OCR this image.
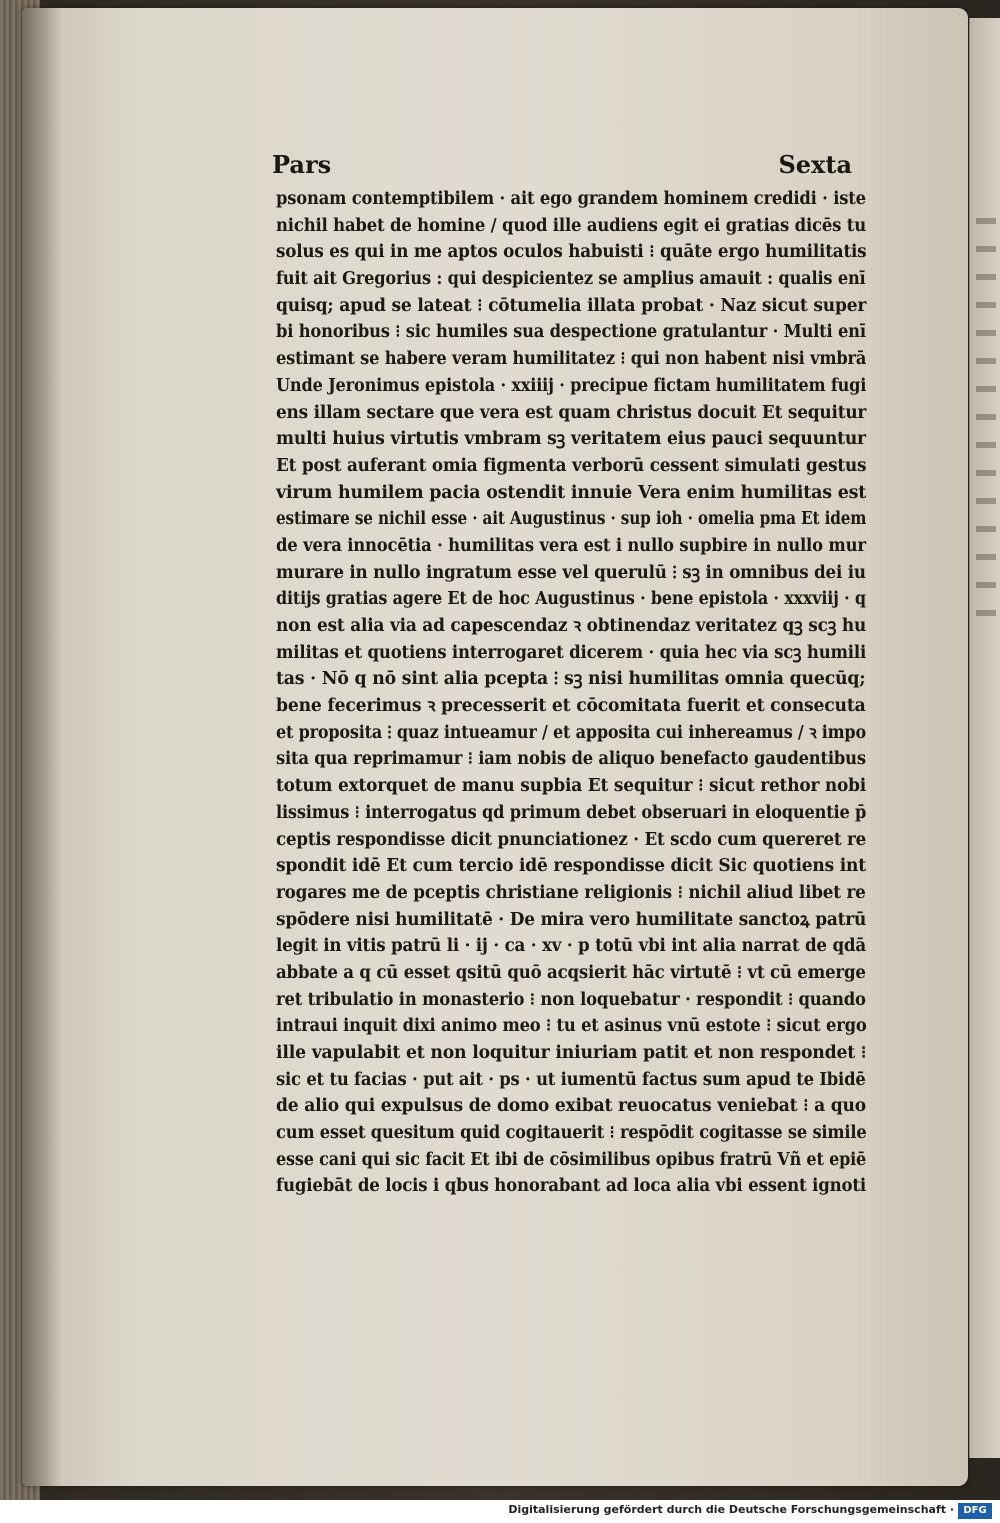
Pars	Sexta
psonam contemptibilem · ait ego grandem hominem credidi · iste
nichil habet de homine / quod ille audiens egit ei gratias dicēs tu
solus es qui in me aptos oculos habuisti ⁝ quāte ergo humilitatis
fuit ait Gregorius : qui despicientez se amplius amauit : qualis enī
quisq; apud se lateat ⁝ cōtumelia illata probat · Naz sicut super
bi honoribus ⁝ sic humiles sua despectione gratulantur · Multi enī
estimant se habere veram humilitatez ⁝ qui non habent nisi vmbrā
Unde Jeronimus epistola · xxiiij · precipue fictam humilitatem fugi
ens illam sectare que vera est quam christus docuit Et sequitur
multi huius virtutis vmbram sꝫ veritatem eius pauci sequuntur
Et post auferant omia figmenta verborū cessent simulati gestus
virum humilem pacia ostendit innuie Vera enim humilitas est
estimare se nichil esse · ait Augustinus · sup ioh · omelia pma Et idem
de vera innocētia · humilitas vera est i nullo supbire in nullo mur
murare in nullo ingratum esse vel querulū ⁝ sꝫ in omnibus dei iu
ditijs gratias agere Et de hoc Augustinus · bene epistola · xxxviij · q
non est alia via ad capescendaz ꝛ obtinendaz veritatez qꝫ scꝫ hu
militas et quotiens interrogaret dicerem · quia hec via scꝫ humili
tas · Nō q nō sint alia pcepta ⁝ sꝫ nisi humilitas omnia quecūq;
bene fecerimus ꝛ precesserit et cōcomitata fuerit et consecuta
et proposita ⁝ quaz intueamur / et apposita cui inhereamus / ꝛ impo
sita qua reprimamur ⁝ iam nobis de aliquo benefacto gaudentibus
totum extorquet de manu supbia Et sequitur ⁝ sicut rethor nobi
lissimus ⁝ interrogatus qd primum debet obseruari in eloquentie p̄
ceptis respondisse dicit pnunciationez · Et scdo cum quereret re
spondit idē Et cum tercio idē respondisse dicit Sic quotiens int
rogares me de pceptis christiane religionis ⁝ nichil aliud libet re
spōdere nisi humilitatē · De mira vero humilitate sanctoꝝ patrū
legit in vitis patrū li · ij · ca · xv · p totū vbi int alia narrat de qdā
abbate a q cū esset qsitū quō acqsierit hāc virtutē ⁝ vt cū emerge
ret tribulatio in monasterio ⁝ non loquebatur · respondit ⁝ quando
intraui inquit dixi animo meo ⁝ tu et asinus vnū estote ⁝ sicut ergo
ille vapulabit et non loquitur iniuriam patit et non respondet ⁝
sic et tu facias · put ait · ps · ut iumentū factus sum apud te Ibidē
de alio qui expulsus de domo exibat reuocatus veniebat ⁝ a quo
cum esset quesitum quid cogitauerit ⁝ respōdit cogitasse se simile
esse cani qui sic facit Et ibi de cōsimilibus opibus fratrū Vñ et epiē
fugiebāt de locis i qbus honorabant ad loca alia vbi essent ignoti
Digitalisierung gefördert durch die Deutsche Forschungsgemeinschaft · DFG
